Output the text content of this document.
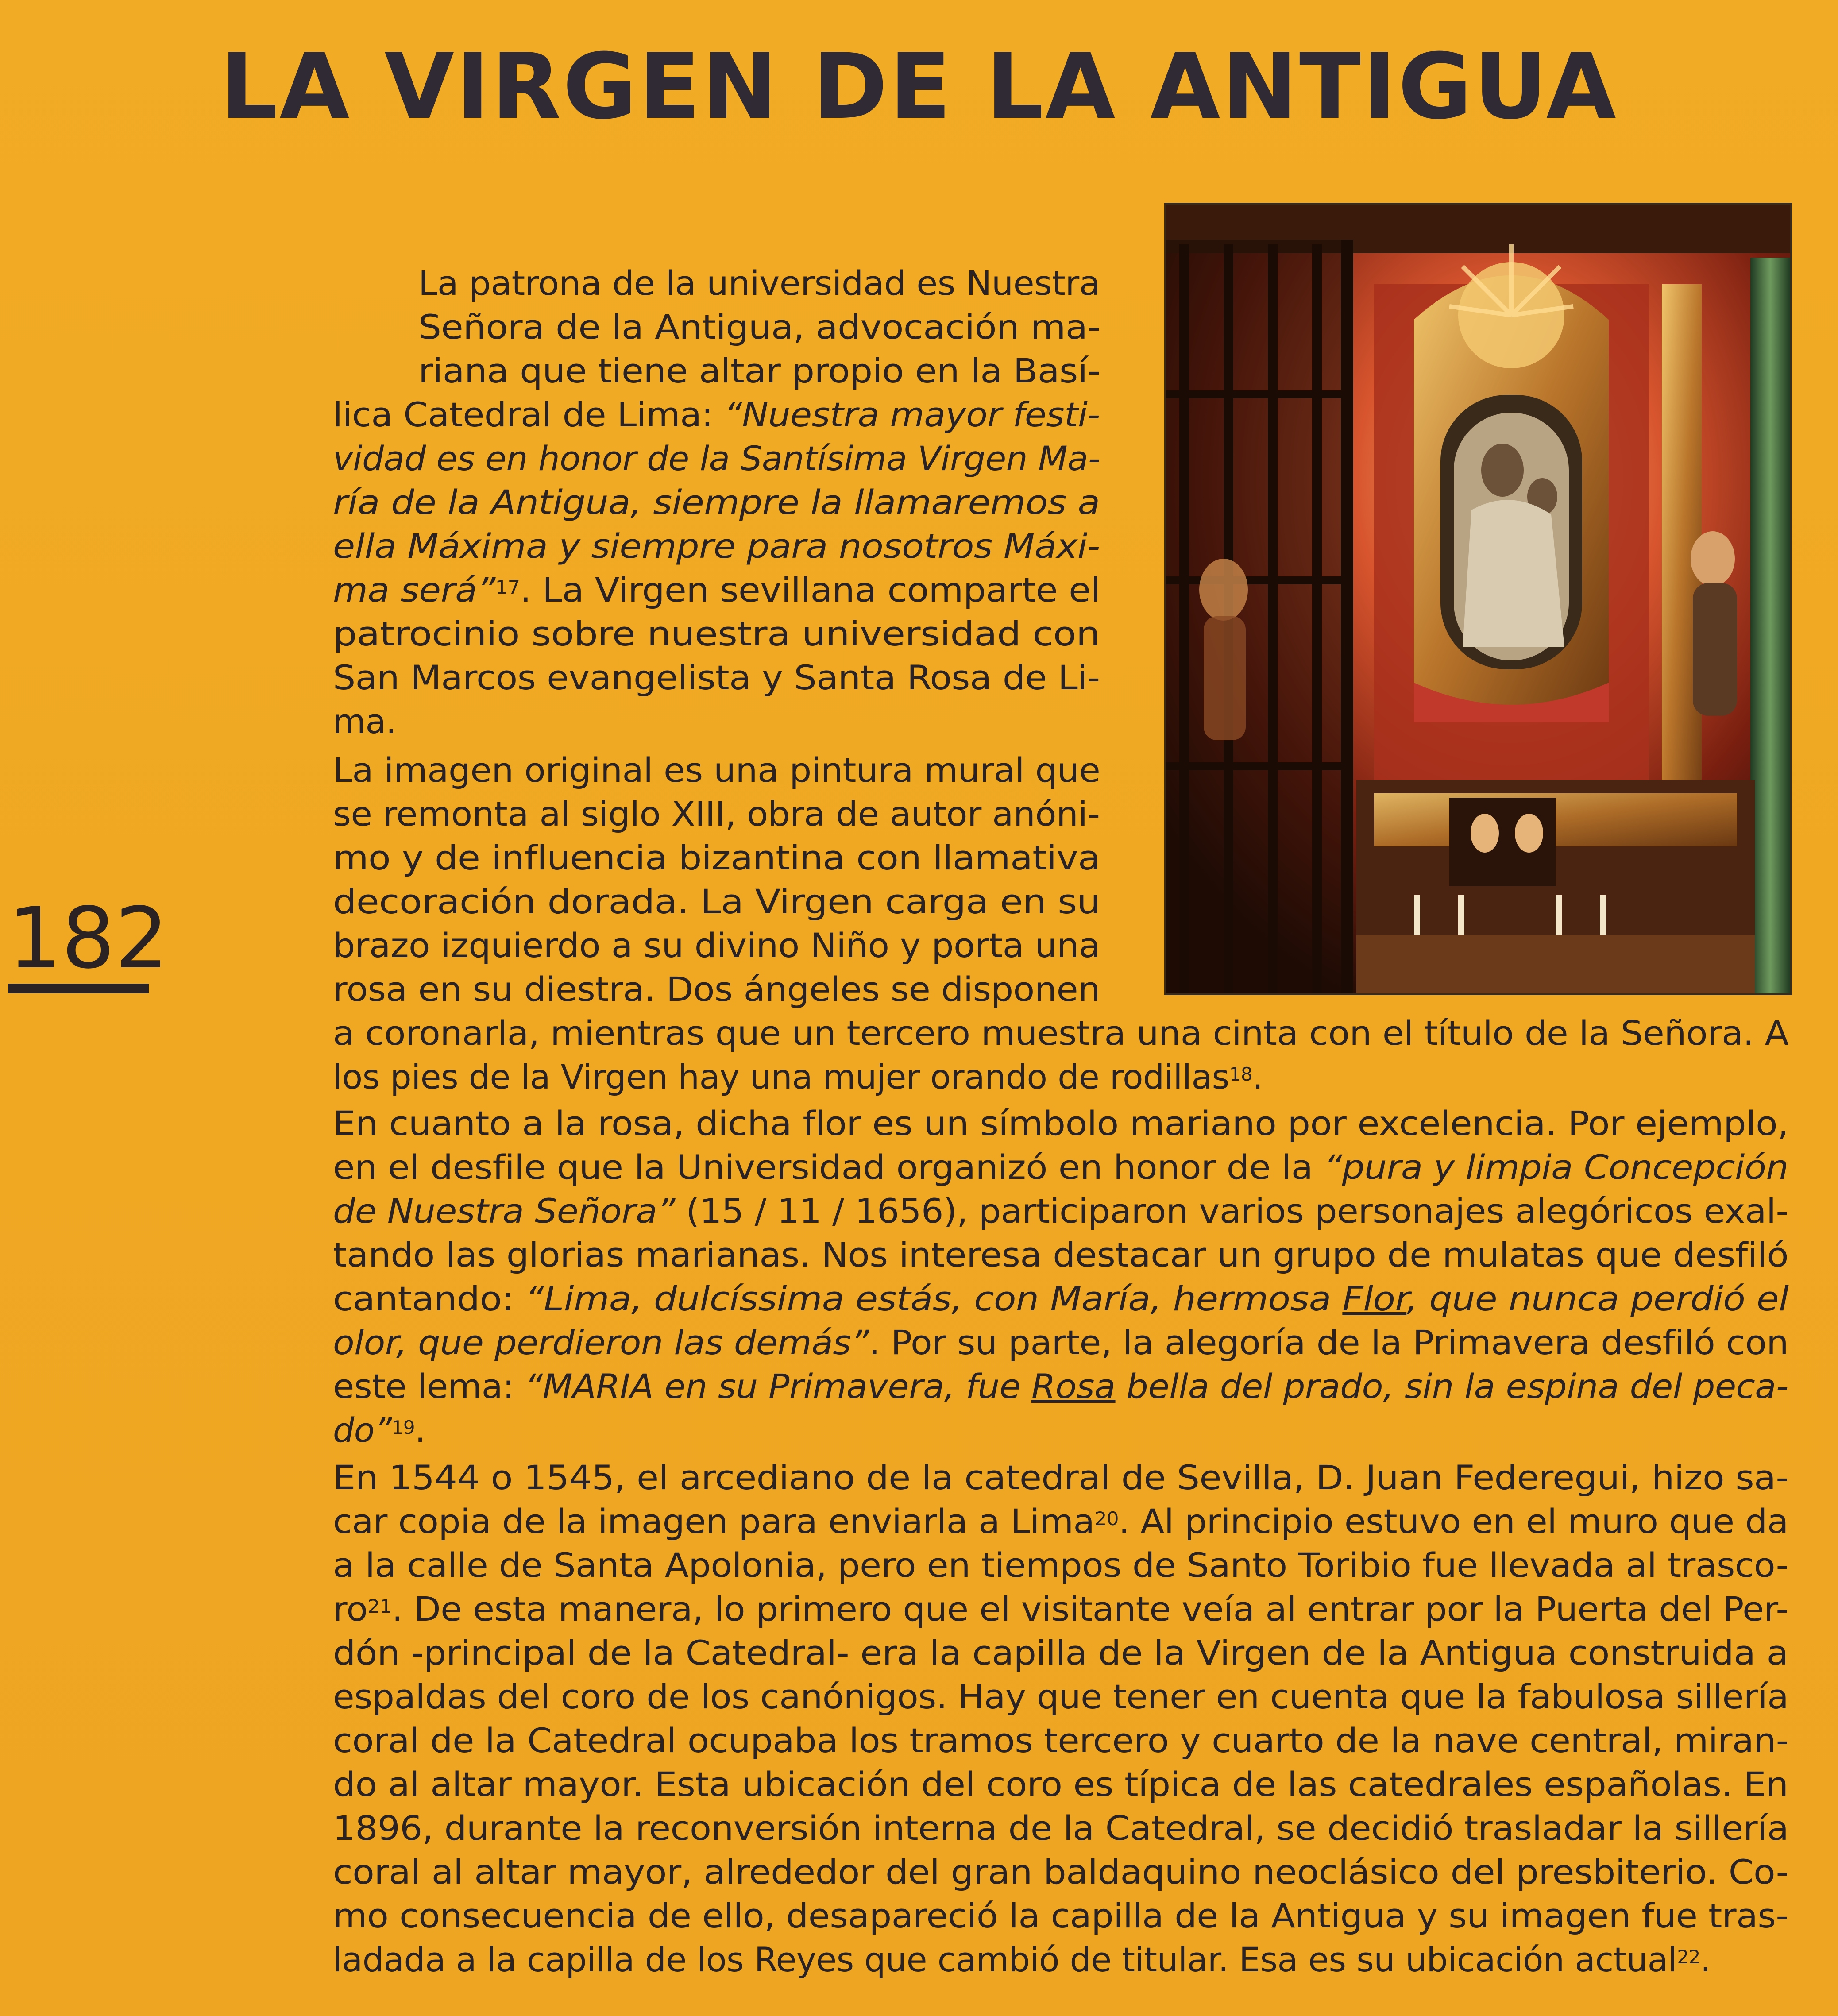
LA VIRGEN DE LA ANTIGUA
182
La patrona de la universidad es Nuestra
Señora de la Antigua, advocación ma-
riana que tiene altar propio en la Basí-
lica Catedral de Lima: “Nuestra mayor festi-
vidad es en honor de la Santísima Virgen Ma-
ría de la Antigua, siempre la llamaremos a
ella Máxima y siempre para nosotros Máxi-
ma será”$^{17}$. La Virgen sevillana comparte el
patrocinio sobre nuestra universidad con
San Marcos evangelista y Santa Rosa de Li-
ma.
La imagen original es una pintura mural que
se remonta al siglo XIII, obra de autor anóni-
mo y de influencia bizantina con llamativa
decoración dorada. La Virgen carga en su
brazo izquierdo a su divino Niño y porta una
rosa en su diestra. Dos ángeles se disponen
a coronarla, mientras que un tercero muestra una cinta con el título de la Señora. A
los pies de la Virgen hay una mujer orando de rodillas$^{18}$.
En cuanto a la rosa, dicha flor es un símbolo mariano por excelencia. Por ejemplo,
en el desfile que la Universidad organizó en honor de la “pura y limpia Concepción
de Nuestra Señora” (15 / 11 / 1656), participaron varios personajes alegóricos exal-
tando las glorias marianas. Nos interesa destacar un grupo de mulatas que desfiló
cantando: “Lima, dulcíssima estás, con María, hermosa Flor, que nunca perdió el
olor, que perdieron las demás”. Por su parte, la alegoría de la Primavera desfiló con
este lema: “MARIA en su Primavera, fue Rosa bella del prado, sin la espina del peca-
do”$^{19}$.
En 1544 o 1545, el arcediano de la catedral de Sevilla, D. Juan Federegui, hizo sa-
car copia de la imagen para enviarla a Lima$^{20}$. Al principio estuvo en el muro que da
a la calle de Santa Apolonia, pero en tiempos de Santo Toribio fue llevada al trasco-
$ro^{21}$. De esta manera, lo primero que el visitante veía al entrar por la Puerta del Per-
dón -principal de la Catedral- era la capilla de la Virgen de la Antigua construida a
espaldas del coro de los canónigos. Hay que tener en cuenta que la fabulosa sillería
coral de la Catedral ocupaba los tramos tercero y cuarto de la nave central, miran-
do al altar mayor. Esta ubicación del coro es típica de las catedrales españolas. En
1896, durante la reconversión interna de la Catedral, se decidió trasladar la sillería
coral al altar mayor, alrededor del gran baldaquino neoclásico del presbiterio. Co-
mo consecuencia de ello, desapareció la capilla de la Antigua y su imagen fue tras-
ladada a la capilla de los Reyes que cambió de titular. Esa es su ubicación actual$^{22}$.
